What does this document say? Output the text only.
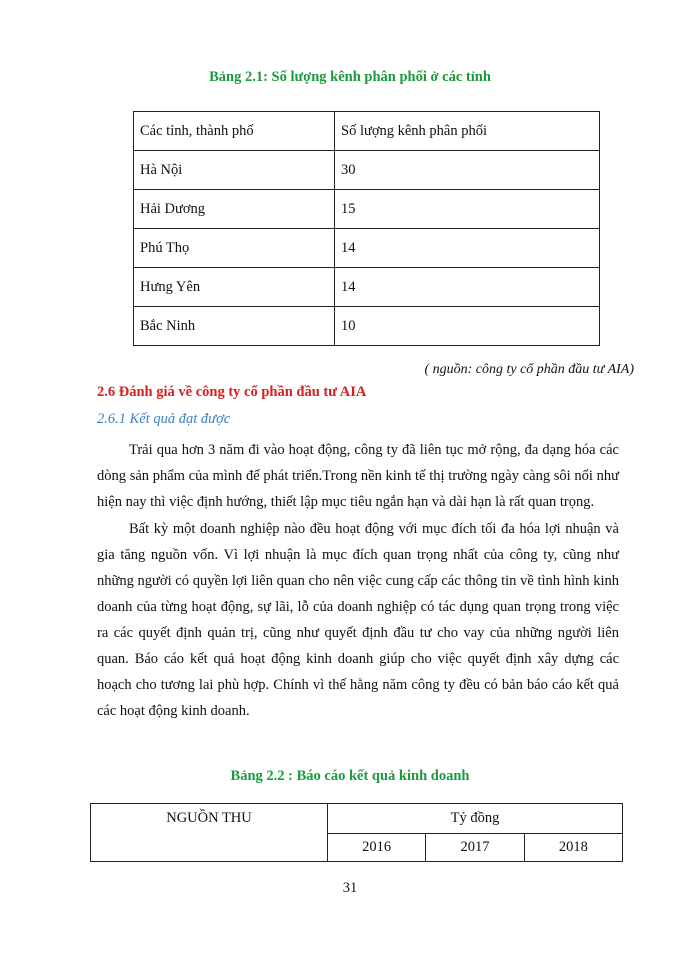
Bảng 2.1: Số lượng kênh phân phối ở các tỉnh
Các tỉnh, thành phố	Số lượng kênh phân phối
Hà Nội	30
Hải Dương	15
Phú Thọ	14
Hưng Yên	14
Bắc Ninh	10
( nguồn: công ty cổ phần đầu tư AIA)
2.6 Đánh giá về công ty cổ phần đầu tư AIA
2.6.1 Kết quả đạt được
Trải qua hơn 3 năm đi vào hoạt động, công ty đã liên tục mở rộng, đa dạng hóa các dòng sản phẩm của mình để phát triển.Trong nền kinh tế thị trường ngày càng sôi nổi như hiện nay thì việc định hướng, thiết lập mục tiêu ngắn hạn và dài hạn là rất quan trọng.
Bất kỳ một doanh nghiệp nào đều hoạt động với mục đích tối đa hóa lợi nhuận và gia tăng nguồn vốn. Vì lợi nhuận là mục đích quan trọng nhất của công ty, cũng như những người có quyền lợi liên quan cho nên việc cung cấp các thông tin về tình hình kinh doanh của từng hoạt động, sự lãi, lỗ của doanh nghiệp có tác dụng quan trọng trong việc ra các quyết định quản trị, cũng như quyết định đầu tư cho vay của những người liên quan. Báo cáo kết quả hoạt động kinh doanh giúp cho việc quyết định xây dựng các hoạch cho tương lai phù hợp. Chính vì thế hằng năm công ty đều có bản báo cáo kết quả các hoạt động kinh doanh.
Bảng 2.2 : Báo cáo kết quả kinh doanh
NGUỒN THU	Tỷ đồng		
	2016	2017	2018
31
